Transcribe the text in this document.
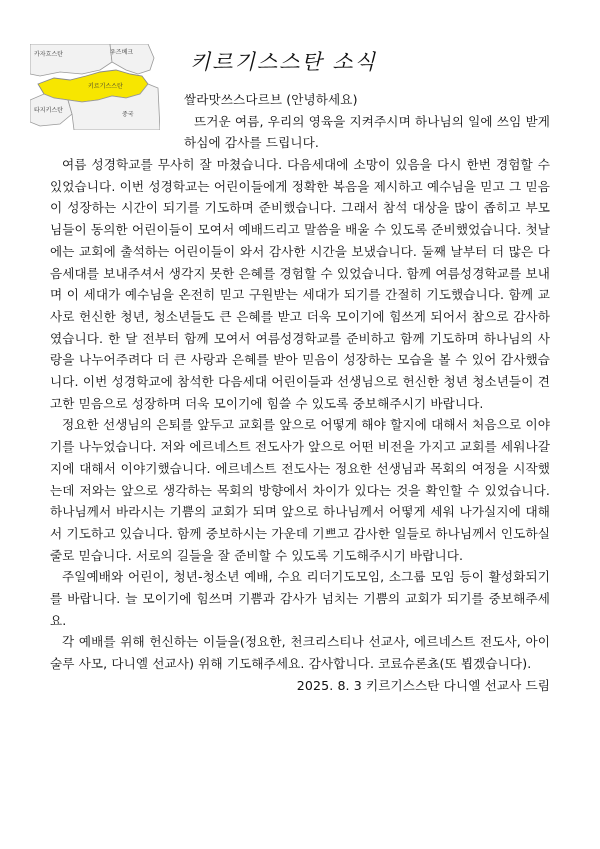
카자흐스탄	우즈베크
키르기스스탄
타지키스탄
중국
키르기스스탄 소식

쌀라맛쓰스다르브 (안녕하세요)

뜨거운 여름, 우리의 영육을 지켜주시며 하나님의 일에 쓰임 받게 하심에 감사를 드립니다.

여름 성경학교를 무사히 잘 마쳤습니다. 다음세대에 소망이 있음을 다시 한번 경험할 수 있었습니다. 이번 성경학교는 어린이들에게 정확한 복음을 제시하고 예수님을 믿고 그 믿음이 성장하는 시간이 되기를 기도하며 준비했습니다. 그래서 참석 대상을 많이 좁히고 부모님들이 동의한 어린이들이 모여서 예배드리고 말씀을 배울 수 있도록 준비했었습니다. 첫날에는 교회에 출석하는 어린이들이 와서 감사한 시간을 보냈습니다. 둘째 날부터 더 많은 다음세대를 보내주셔서 생각지 못한 은혜를 경험할 수 있었습니다. 함께 여름성경학교를 보내며 이 세대가 예수님을 온전히 믿고 구원받는 세대가 되기를 간절히 기도했습니다. 함께 교사로 헌신한 청년, 청소년들도 큰 은혜를 받고 더욱 모이기에 힘쓰게 되어서 참으로 감사하였습니다. 한 달 전부터 함께 모여서 여름성경학교를 준비하고 함께 기도하며 하나님의 사랑을 나누어주려다 더 큰 사랑과 은혜를 받아 믿음이 성장하는 모습을 볼 수 있어 감사했습니다. 이번 성경학교에 참석한 다음세대 어린이들과 선생님으로 헌신한 청년 청소년들이 견고한 믿음으로 성장하며 더욱 모이기에 힘쓸 수 있도록 중보해주시기 바랍니다.

정요한 선생님의 은퇴를 앞두고 교회를 앞으로 어떻게 해야 할지에 대해서 처음으로 이야기를 나누었습니다. 저와 에르네스트 전도사가 앞으로 어떤 비전을 가지고 교회를 세워나갈지에 대해서 이야기했습니다. 에르네스트 전도사는 정요한 선생님과 목회의 여정을 시작했는데 저와는 앞으로 생각하는 목회의 방향에서 차이가 있다는 것을 확인할 수 있었습니다. 하나님께서 바라시는 기쁨의 교회가 되며 앞으로 하나님께서 어떻게 세워 나가실지에 대해서 기도하고 있습니다. 함께 중보하시는 가운데 기쁘고 감사한 일들로 하나님께서 인도하실 줄로 믿습니다. 서로의 길들을 잘 준비할 수 있도록 기도해주시기 바랍니다.

주일예배와 어린이, 청년-청소년 예배, 수요 리더기도모임, 소그룹 모임 등이 활성화되기를 바랍니다. 늘 모이기에 힘쓰며 기쁨과 감사가 넘치는 기쁨의 교회가 되기를 중보해주세요.

각 예배를 위해 헌신하는 이들을(정요한, 천크리스티나 선교사, 에르네스트 전도사, 아이술루 사모, 다니엘 선교사) 위해 기도해주세요. 감사합니다. 코료슈론쵸(또 뵙겠습니다).

2025. 8. 3 키르기스스탄 다니엘 선교사 드림
